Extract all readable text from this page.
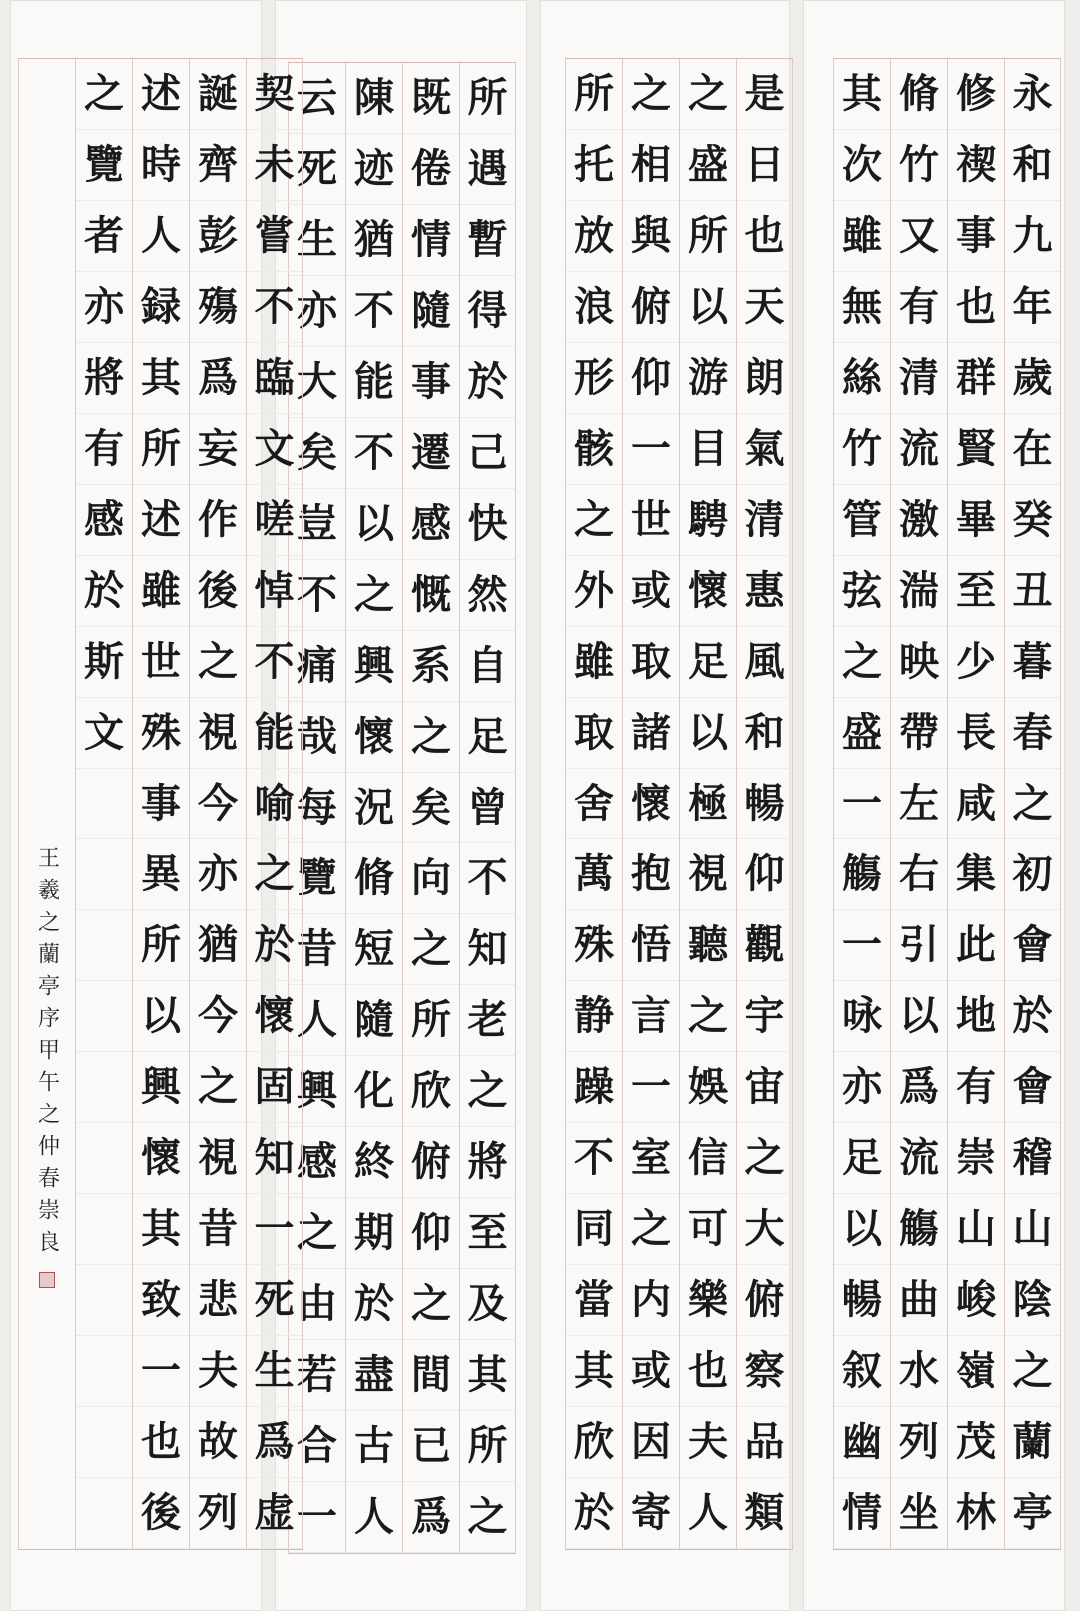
永
和
九
年
歲
在
癸
丑
暮
春
之
初
會
於
會
稽
山
陰
之
蘭
亭
修
禊
事
也
群
賢
畢
至
少
長
咸
集
此
地
有
崇
山
峻
嶺
茂
林
脩
竹
又
有
清
流
激
湍
映
帶
左
右
引
以
爲
流
觴
曲
水
列
坐
其
次
雖
無
絲
竹
管
弦
之
盛
一
觴
一
咏
亦
足
以
暢
叙
幽
情
是
日
也
天
朗
氣
清
惠
風
和
暢
仰
觀
宇
宙
之
大
俯
察
品
類
之
盛
所
以
游
目
騁
懷
足
以
極
視
聽
之
娛
信
可
樂
也
夫
人
之
相
與
俯
仰
一
世
或
取
諸
懷
抱
悟
言
一
室
之
内
或
因
寄
所
托
放
浪
形
骸
之
外
雖
取
舍
萬
殊
静
躁
不
同
當
其
欣
於
所
遇
暫
得
於
己
快
然
自
足
曾
不
知
老
之
將
至
及
其
所
之
既
倦
情
隨
事
遷
感
慨
系
之
矣
向
之
所
欣
俯
仰
之
間
已
爲
陳
迹
猶
不
能
不
以
之
興
懷
況
脩
短
隨
化
終
期
於
盡
古
人
云
死
生
亦
大
矣
豈
不
痛
哉
每
覽
昔
人
興
感
之
由
若
合
一
契
未
嘗
不
臨
文
嗟
悼
不
能
喻
之
於
懷
固
知
一
死
生
爲
虚
誕
齊
彭
殤
爲
妄
作
後
之
視
今
亦
猶
今
之
視
昔
悲
夫
故
列
述
時
人
録
其
所
述
雖
世
殊
事
異
所
以
興
懷
其
致
一
也
後
之
覽
者
亦
將
有
感
於
斯
文
王羲之蘭亭序甲午之仲春崇良
